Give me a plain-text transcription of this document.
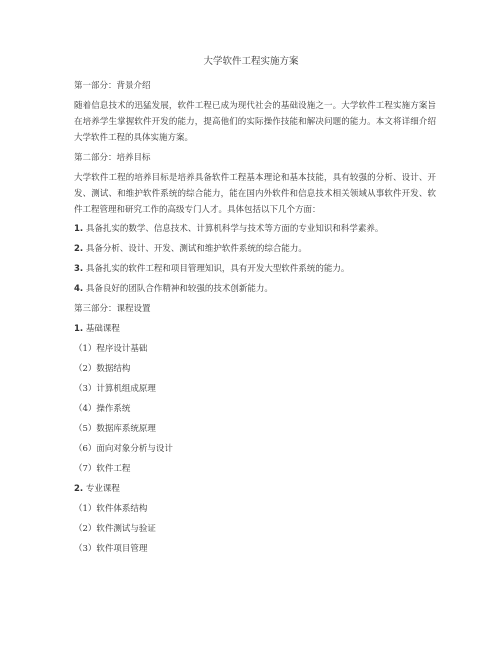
大学软件工程实施方案
第一部分：背景介绍
随着信息技术的迅猛发展，软件工程已成为现代社会的基础设施之一。大学软件工程实施方案旨在培养学生掌握软件开发的能力，提高他们的实际操作技能和解决问题的能力。本文将详细介绍大学软件工程的具体实施方案。
第二部分：培养目标
大学软件工程的培养目标是培养具备软件工程基本理论和基本技能，具有较强的分析、设计、开发、测试、和维护软件系统的综合能力，能在国内外软件和信息技术相关领域从事软件开发、软件工程管理和研究工作的高级专门人才。具体包括以下几个方面：
1. 具备扎实的数学、信息技术、计算机科学与技术等方面的专业知识和科学素养。
2. 具备分析、设计、开发、测试和维护软件系统的综合能力。
3. 具备扎实的软件工程和项目管理知识，具有开发大型软件系统的能力。
4. 具备良好的团队合作精神和较强的技术创新能力。
第三部分：课程设置
1. 基础课程
（1）程序设计基础
（2）数据结构
（3）计算机组成原理
（4）操作系统
（5）数据库系统原理
（6）面向对象分析与设计
（7）软件工程
2. 专业课程
（1）软件体系结构
（2）软件测试与验证
（3）软件项目管理
